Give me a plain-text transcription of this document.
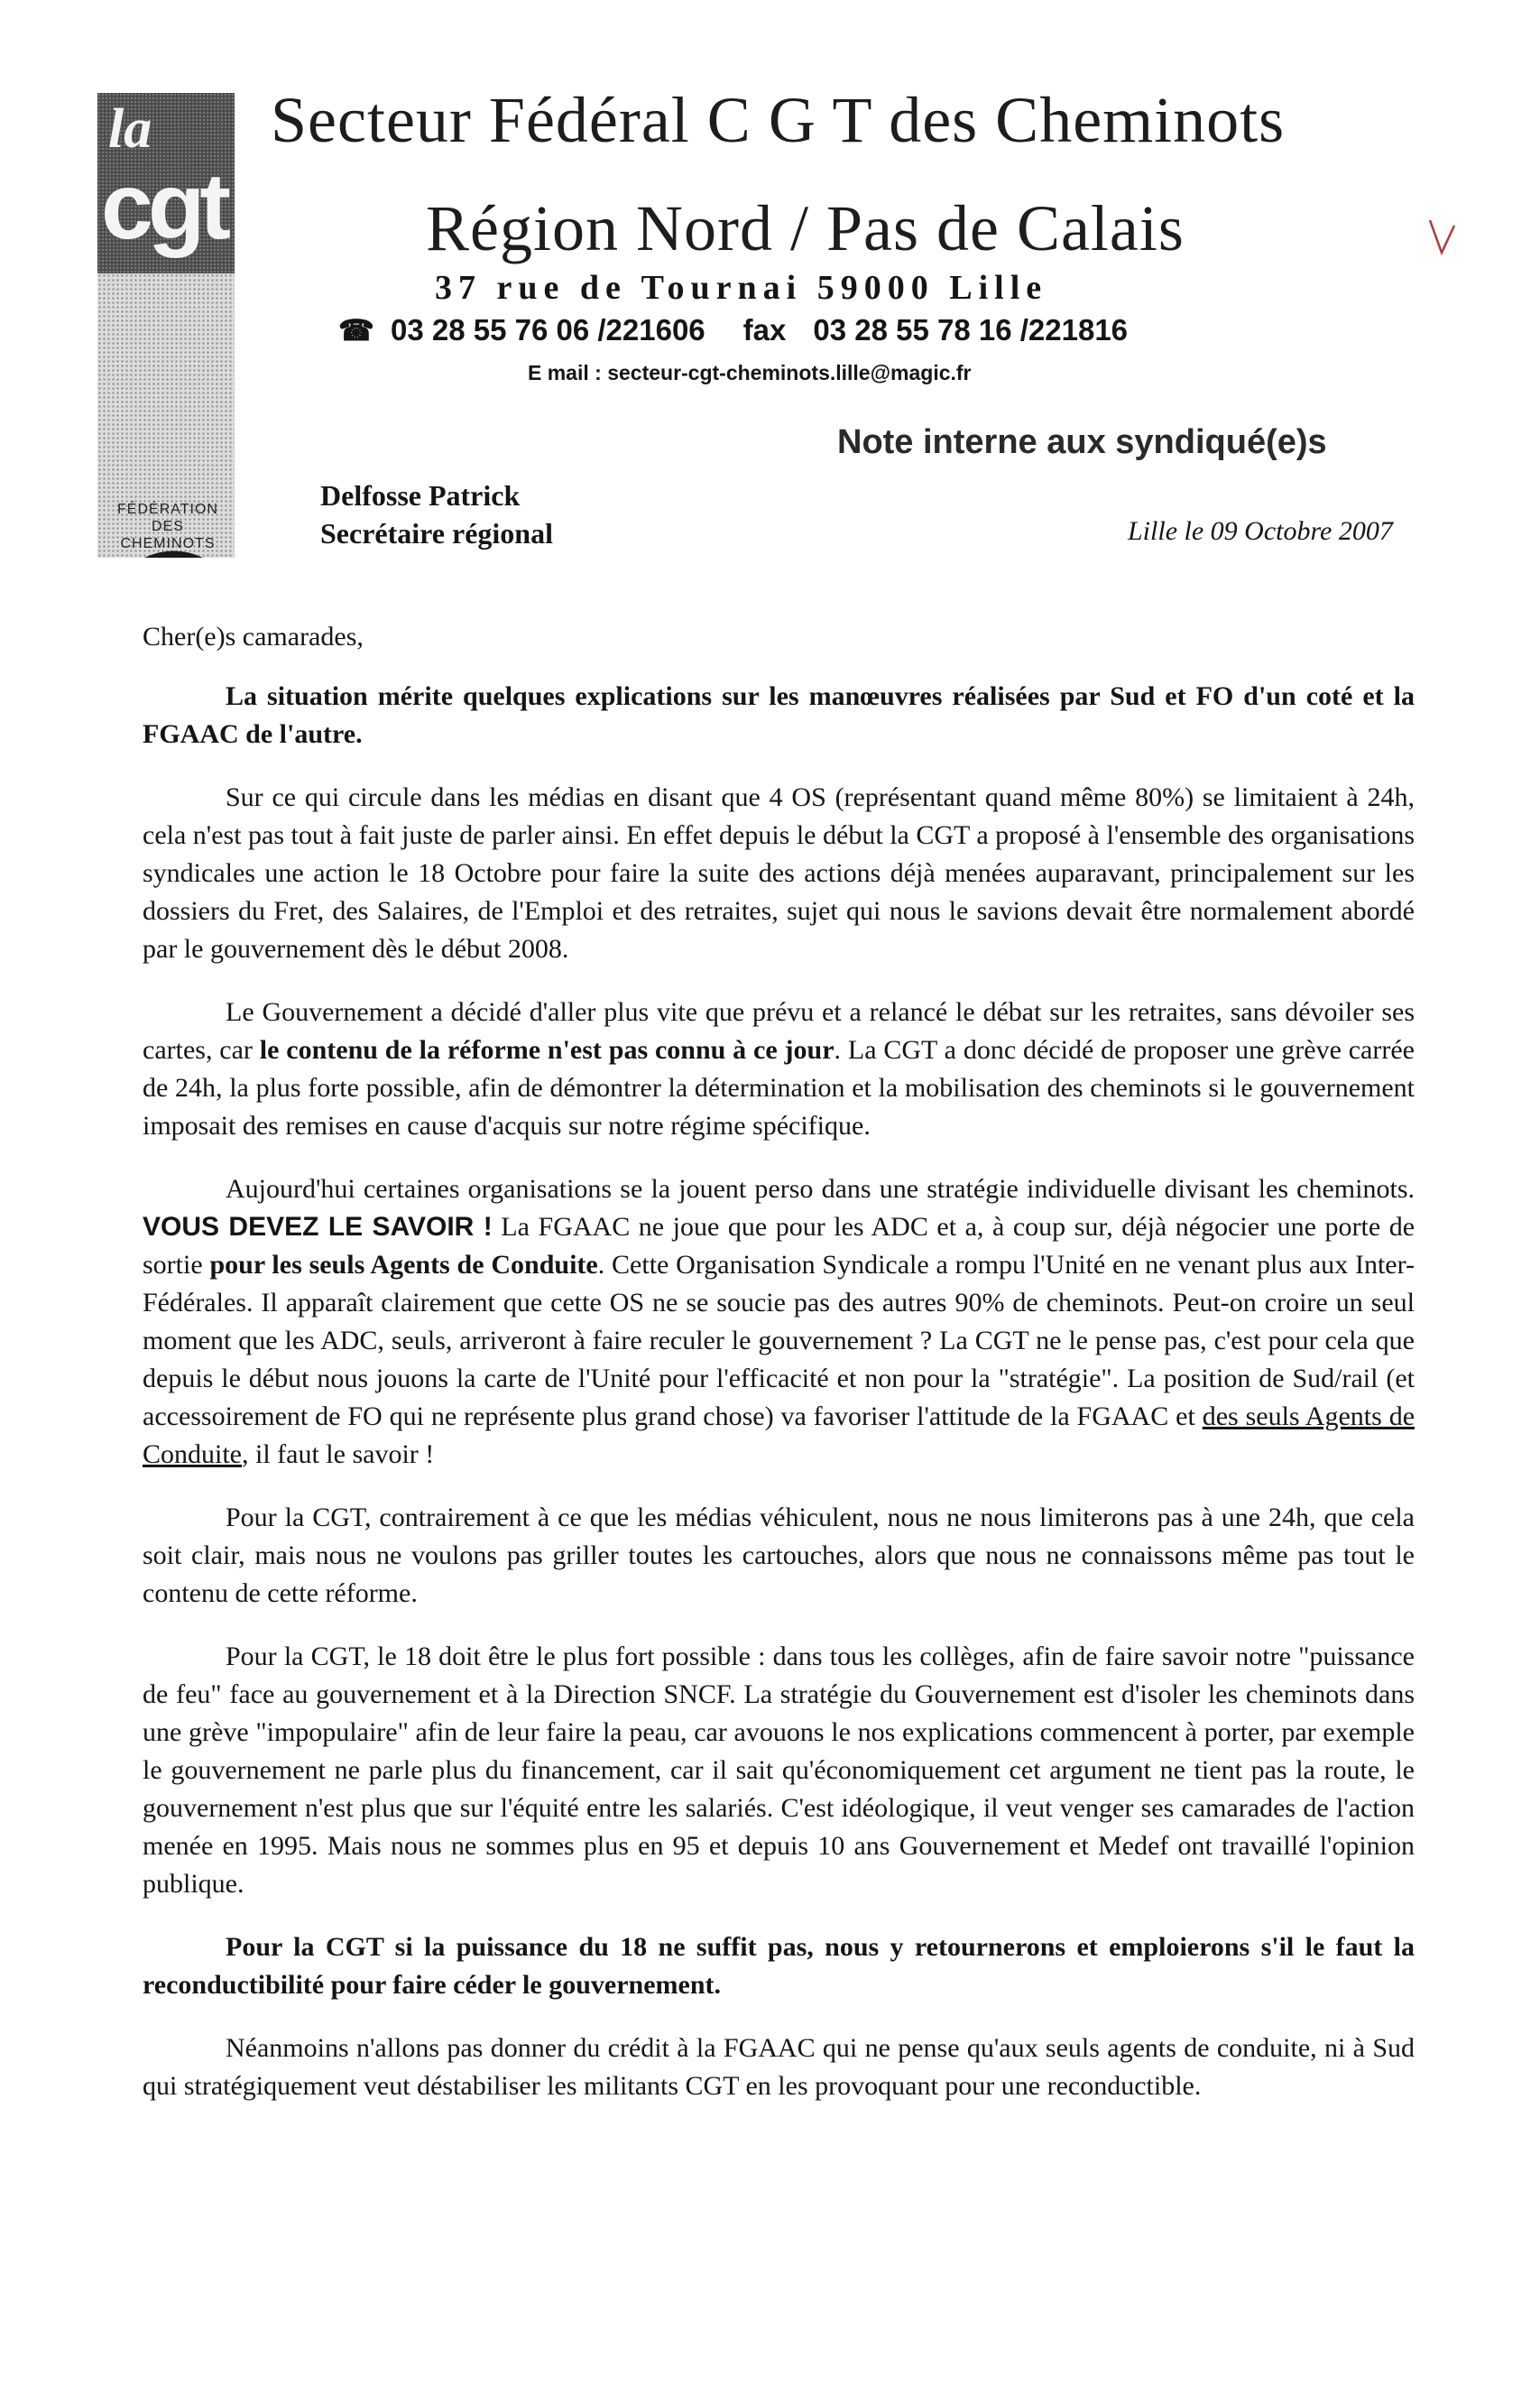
la
cgt
FÉDÉRATION
DES CHEMINOTS
Secteur Fédéral C G T des Cheminots
Région Nord / Pas de Calais
37 rue de Tournai 59000 Lille
☎ 03 28 55 76 06 /221606 fax 03 28 55 78 16 /221816
E mail : secteur-cgt-cheminots.lille@magic.fr
Note interne aux syndiqué(e)s
Delfosse Patrick
Secrétaire régional	Lille le 09 Octobre 2007

Cher(e)s camarades,

La situation mérite quelques explications sur les manœuvres réalisées par Sud et FO d'un coté et la FGAAC de l'autre.

Sur ce qui circule dans les médias en disant que 4 OS (représentant quand même 80%) se limitaient à 24h, cela n'est pas tout à fait juste de parler ainsi. En effet depuis le début la CGT a proposé à l'ensemble des organisations syndicales une action le 18 Octobre pour faire la suite des actions déjà menées auparavant, principalement sur les dossiers du Fret, des Salaires, de l'Emploi et des retraites, sujet qui nous le savions devait être normalement abordé par le gouvernement dès le début 2008.

Le Gouvernement a décidé d'aller plus vite que prévu et a relancé le débat sur les retraites, sans dévoiler ses cartes, car le contenu de la réforme n'est pas connu à ce jour. La CGT a donc décidé de proposer une grève carrée de 24h, la plus forte possible, afin de démontrer la détermination et la mobilisation des cheminots si le gouvernement imposait des remises en cause d'acquis sur notre régime spécifique.

Aujourd'hui certaines organisations se la jouent perso dans une stratégie individuelle divisant les cheminots. VOUS DEVEZ LE SAVOIR ! La FGAAC ne joue que pour les ADC et a, à coup sur, déjà négocier une porte de sortie pour les seuls Agents de Conduite. Cette Organisation Syndicale a rompu l'Unité en ne venant plus aux Inter-Fédérales. Il apparaît clairement que cette OS ne se soucie pas des autres 90% de cheminots. Peut-on croire un seul moment que les ADC, seuls, arriveront à faire reculer le gouvernement ? La CGT ne le pense pas, c'est pour cela que depuis le début nous jouons la carte de l'Unité pour l'efficacité et non pour la "stratégie". La position de Sud/rail (et accessoirement de FO qui ne représente plus grand chose) va favoriser l'attitude de la FGAAC et des seuls Agents de Conduite, il faut le savoir !

Pour la CGT, contrairement à ce que les médias véhiculent, nous ne nous limiterons pas à une 24h, que cela soit clair, mais nous ne voulons pas griller toutes les cartouches, alors que nous ne connaissons même pas tout le contenu de cette réforme.

Pour la CGT, le 18 doit être le plus fort possible : dans tous les collèges, afin de faire savoir notre "puissance de feu" face au gouvernement et à la Direction SNCF. La stratégie du Gouvernement est d'isoler les cheminots dans une grève "impopulaire" afin de leur faire la peau, car avouons le nos explications commencent à porter, par exemple le gouvernement ne parle plus du financement, car il sait qu'économiquement cet argument ne tient pas la route, le gouvernement n'est plus que sur l'équité entre les salariés. C'est idéologique, il veut venger ses camarades de l'action menée en 1995. Mais nous ne sommes plus en 95 et depuis 10 ans Gouvernement et Medef ont travaillé l'opinion publique.

Pour la CGT si la puissance du 18 ne suffit pas, nous y retournerons et emploierons s'il le faut la reconductibilité pour faire céder le gouvernement.

Néanmoins n'allons pas donner du crédit à la FGAAC qui ne pense qu'aux seuls agents de conduite, ni à Sud qui stratégiquement veut déstabiliser les militants CGT en les provoquant pour une reconductible.
